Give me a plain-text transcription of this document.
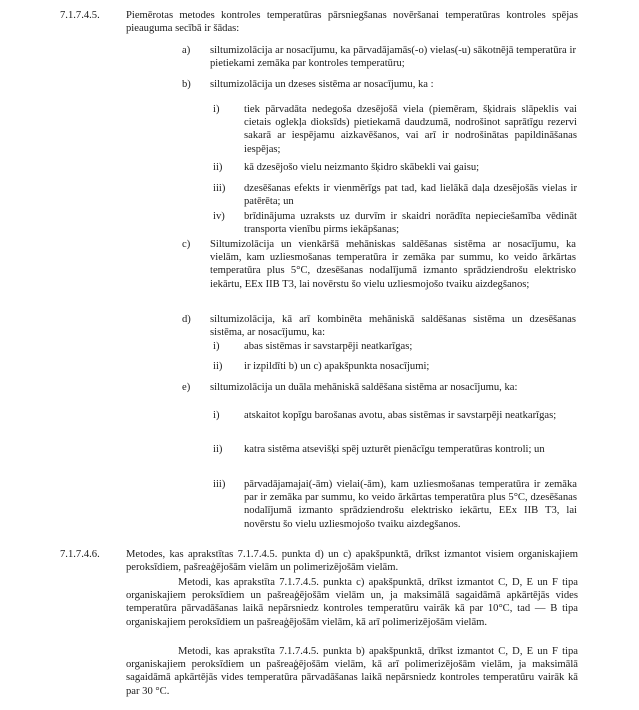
7.1.7.4.5. Piemērotas metodes kontroles temperatūras pārsniegšanas novēršanai temperatūras kontroles spējas pieauguma secībā ir šādas:
a) siltumizolācija ar nosacījumu, ka pārvadājamās(-o) vielas(-u) sākotnējā temperatūra ir pietiekami zemāka par kontroles temperatūru;
b) siltumizolācija un dzeses sistēma ar nosacījumu, ka :
i) tiek pārvadāta nedegoša dzesējošā viela (piemēram, šķidrais slāpeklis vai cietais oglekļa dioksīds) pietiekamā daudzumā, nodrošinot saprātīgu rezervi sakarā ar iespējamu aizkavēšanos, vai arī ir nodrošinātas papildināšanas iespējas;
ii) kā dzesējošo vielu neizmanto šķidro skābekli vai gaisu;
iii) dzesēšanas efekts ir vienmērīgs pat tad, kad lielākā daļa dzesējošās vielas ir patērēta; un
iv) brīdinājuma uzraksts uz durvīm ir skaidri norādīta nepieciešamība vēdināt transporta vienību pirms iekāpšanas;
c) Siltumizolācija un vienkāršā mehāniskas saldēšanas sistēma ar nosacījumu, ka vielām, kam uzliesmošanas temperatūra ir zemāka par summu, ko veido ārkārtas temperatūra plus 5°C, dzesēšanas nodalījumā izmanto sprādziendrošu elektrisko iekārtu, EEx IIB T3, lai novērstu šo vielu uzliesmojošo tvaiku aizdegšanos;
d) siltumizolācija, kā arī kombinēta mehāniskā saldēšanas sistēma un dzesēšanas sistēma, ar nosacījumu, ka:
i) abas sistēmas ir savstarpēji neatkarīgas;
ii) ir izpildīti b) un c) apakšpunkta nosacījumi;
e) siltumizolācija un duāla mehāniskā saldēšana sistēma ar nosacījumu, ka:
i) atskaitot kopīgu barošanas avotu, abas sistēmas ir savstarpēji neatkarīgas;
ii) katra sistēma atsevišķi spēj uzturēt pienācīgu temperatūras kontroli; un
iii) pārvadājamajai(-ām) vielai(-ām), kam uzliesmošanas temperatūra ir zemāka par ir zemāka par summu, ko veido ārkārtas temperatūra plus 5°C, dzesēšanas nodalījumā izmanto sprādziendrošu elektrisko iekārtu, EEx IIB T3, lai novērstu šo vielu uzliesmojošo tvaiku aizdegšanos.
7.1.7.4.6. Metodes, kas aprakstītas 7.1.7.4.5. punkta d) un c) apakšpunktā, drīkst izmantot visiem organiskajiem peroksīdiem, pašreaģējošām vielām un polimerizējošām vielām.
Metodi, kas aprakstīta 7.1.7.4.5. punkta c) apakšpunktā, drīkst izmantot C, D, E un F tipa organiskajiem peroksīdiem un pašreaģējošām vielām un, ja maksimālā sagaidāmā apkārtējās vides temperatūra pārvadāšanas laikā nepārsniedz kontroles temperatūru vairāk kā par 10°C, tad — B tipa organiskajiem peroksīdiem un pašreaģējošām vielām, kā arī polimerizējošām vielām.
Metodi, kas aprakstīta 7.1.7.4.5. punkta b) apakšpunktā, drīkst izmantot C, D, E un F tipa organiskajiem peroksīdiem un pašreaģējošām vielām, kā arī polimerizējošām vielām, ja maksimālā sagaidāmā apkārtējās vides temperatūra pārvadāšanas laikā nepārsniedz kontroles temperatūru vairāk kā par 30 °C.
